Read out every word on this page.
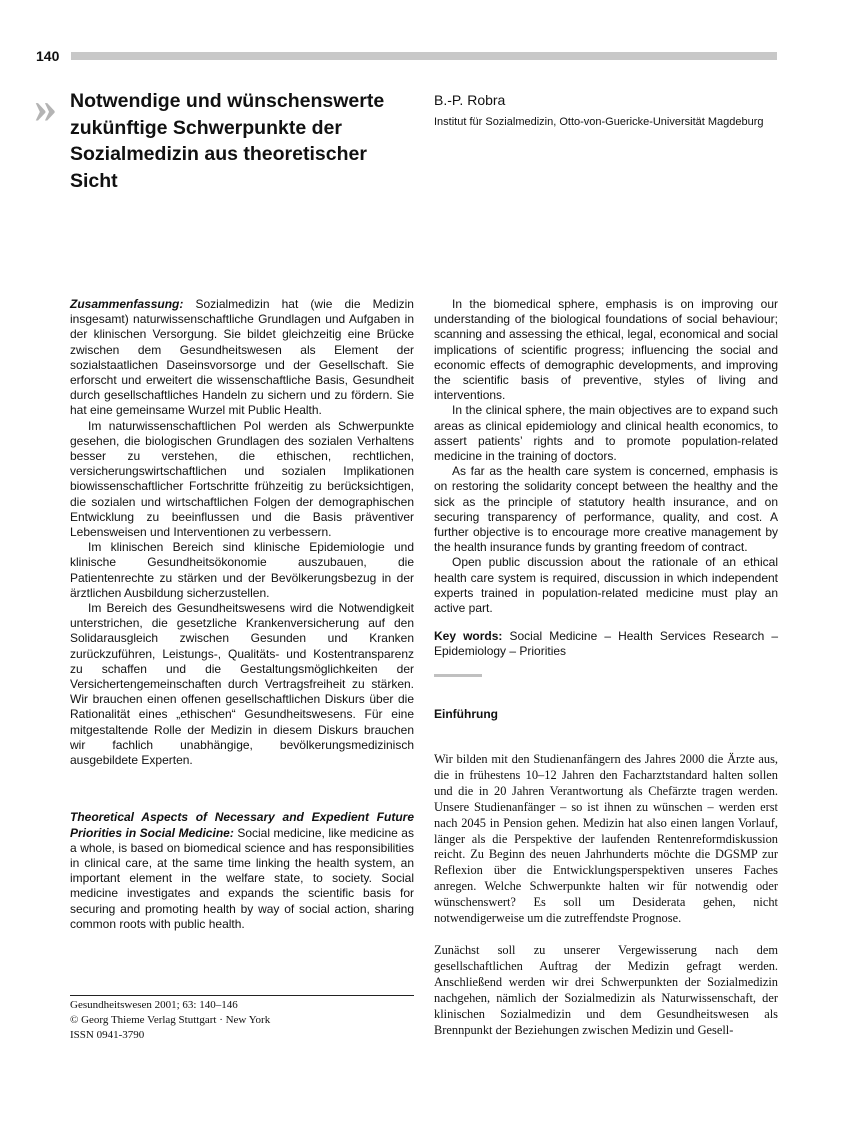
140
» Notwendige und wünschenswerte zukünftige Schwerpunkte der Sozialmedizin aus theoretischer Sicht
B.-P. Robra
Institut für Sozialmedizin, Otto-von-Guericke-Universität Magdeburg

Zusammenfassung: Sozialmedizin hat (wie die Medizin insgesamt) naturwissenschaftliche Grundlagen und Aufgaben in der klinischen Versorgung. Sie bildet gleichzeitig eine Brücke zwischen dem Gesundheitswesen als Element der sozialstaatlichen Daseinsvorsorge und der Gesellschaft. Sie erforscht und erweitert die wissenschaftliche Basis, Gesundheit durch gesellschaftliches Handeln zu sichern und zu fördern. Sie hat eine gemeinsame Wurzel mit Public Health.

Im naturwissenschaftlichen Pol werden als Schwerpunkte gesehen, die biologischen Grundlagen des sozialen Verhaltens besser zu verstehen, die ethischen, rechtlichen, versicherungswirtschaftlichen und sozialen Implikationen biowissenschaftlicher Fortschritte frühzeitig zu berücksichtigen, die sozialen und wirtschaftlichen Folgen der demographischen Entwicklung zu beeinflussen und die Basis präventiver Lebensweisen und Interventionen zu verbessern.

Im klinischen Bereich sind klinische Epidemiologie und klinische Gesundheitsökonomie auszubauen, die Patientenrechte zu stärken und der Bevölkerungsbezug in der ärztlichen Ausbildung sicherzustellen.

Im Bereich des Gesundheitswesens wird die Notwendigkeit unterstrichen, die gesetzliche Krankenversicherung auf den Solidarausgleich zwischen Gesunden und Kranken zurückzuführen, Leistungs-, Qualitäts- und Kostentransparenz zu schaffen und die Gestaltungsmöglichkeiten der Versichertengemeinschaften durch Vertragsfreiheit zu stärken. Wir brauchen einen offenen gesellschaftlichen Diskurs über die Rationalität eines „ethischen“ Gesundheitswesens. Für eine mitgestaltende Rolle der Medizin in diesem Diskurs brauchen wir fachlich unabhängige, bevölkerungsmedizinisch ausgebildete Experten.

Theoretical Aspects of Necessary and Expedient Future Priorities in Social Medicine: Social medicine, like medicine as a whole, is based on biomedical science and has responsibilities in clinical care, at the same time linking the health system, an important element in the welfare state, to society. Social medicine investigates and expands the scientific basis for securing and promoting health by way of social action, sharing common roots with public health.

In the biomedical sphere, emphasis is on improving our understanding of the biological foundations of social behaviour; scanning and assessing the ethical, legal, economical and social implications of scientific progress; influencing the social and economic effects of demographic developments, and improving the scientific basis of preventive, styles of living and interventions.

In the clinical sphere, the main objectives are to expand such areas as clinical epidemiology and clinical health economics, to assert patients’ rights and to promote population-related medicine in the training of doctors.

As far as the health care system is concerned, emphasis is on restoring the solidarity concept between the healthy and the sick as the principle of statutory health insurance, and on securing transparency of performance, quality, and cost. A further objective is to encourage more creative management by the health insurance funds by granting freedom of contract.

Open public discussion about the rationale of an ethical health care system is required, discussion in which independent experts trained in population-related medicine must play an active part.

Key words: Social Medicine – Health Services Research – Epidemiology – Priorities

Einführung

Wir bilden mit den Studienanfängern des Jahres 2000 die Ärzte aus, die in frühestens 10–12 Jahren den Facharztstandard halten sollen und die in 20 Jahren Verantwortung als Chefärzte tragen werden. Unsere Studienanfänger – so ist ihnen zu wünschen – werden erst nach 2045 in Pension gehen. Medizin hat also einen langen Vorlauf, länger als die Perspektive der laufenden Rentenreformdiskussion reicht. Zu Beginn des neuen Jahrhunderts möchte die DGSMP zur Reflexion über die Entwicklungsperspektiven unseres Faches anregen. Welche Schwerpunkte halten wir für notwendig oder wünschenswert? Es soll um Desiderata gehen, nicht notwendigerweise um die zutreffendste Prognose.

Zunächst soll zu unserer Vergewisserung nach dem gesellschaftlichen Auftrag der Medizin gefragt werden. Anschließend werden wir drei Schwerpunkten der Sozialmedizin nachgehen, nämlich der Sozialmedizin als Naturwissenschaft, der klinischen Sozialmedizin und dem Gesundheitswesen als Brennpunkt der Beziehungen zwischen Medizin und Gesell-

Gesundheitswesen 2001; 63: 140–146
© Georg Thieme Verlag Stuttgart · New York
ISSN 0941-3790
